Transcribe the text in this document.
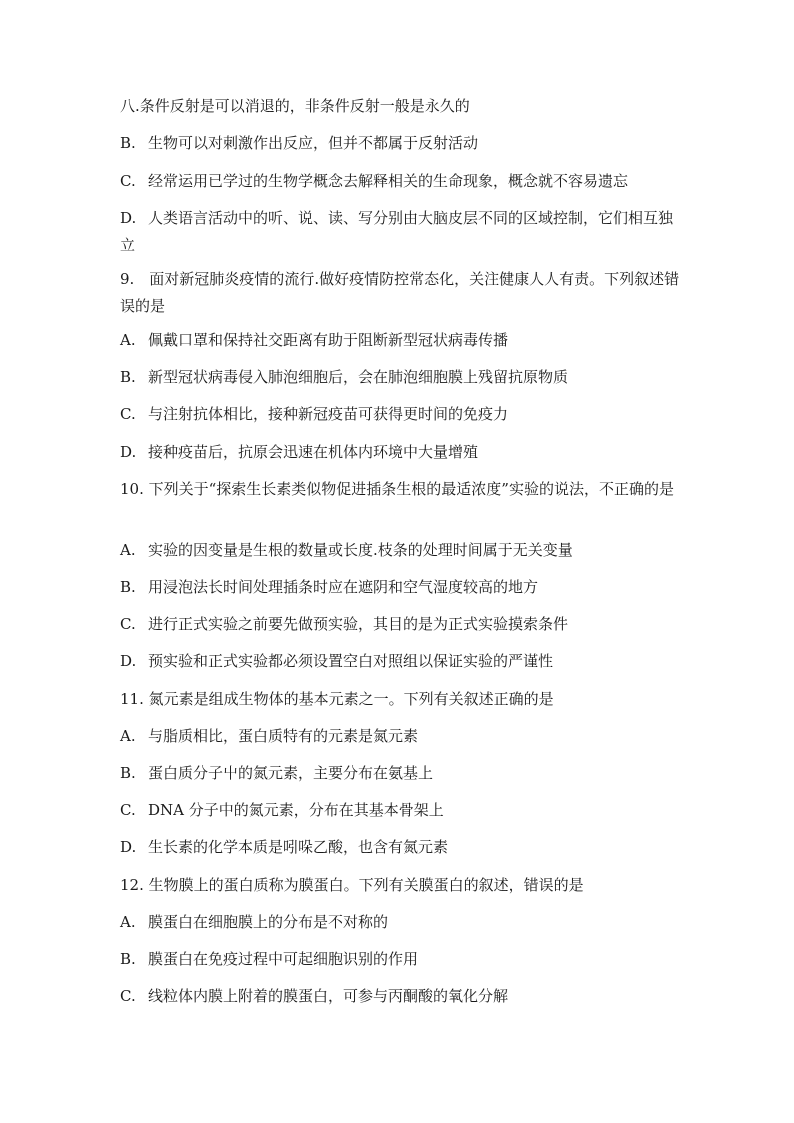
八.条件反射是可以消退的，非条件反射一般是永久的
B. 生物可以对刺激作出反应，但并不都属于反射活动
C. 经常运用已学过的生物学概念去解释相关的生命现象，概念就不容易遗忘
D. 人类语言活动中的听、说、读、写分别由大脑皮层不同的区域控制，它们相互独立
9.　面对新冠肺炎疫情的流行.做好疫情防控常态化，关注健康人人有责。下列叙述错误的是
A. 佩戴口罩和保持社交距离有助于阻断新型冠状病毒传播
B. 新型冠状病毒侵入肺泡细胞后，会在肺泡细胞膜上残留抗原物质
C. 与注射抗体相比，接种新冠疫苗可获得更时间的免疫力
D. 接种疫苗后，抗原会迅速在机体内环境中大量增殖
10. 下列关于“探索生长素类似物促进插条生根的最适浓度”实验的说法，不正确的是
A. 实验的因变量是生根的数量或长度.枝条的处理时间属于无关变量
B. 用浸泡法长时间处理插条时应在遮阴和空气湿度较高的地方
C. 进行正式实验之前要先做预实验，其目的是为正式实验摸索条件
D. 预实验和正式实验都必须设置空白对照组以保证实验的严谨性
11. 氮元素是组成生物体的基本元素之一。下列有关叙述正确的是
A. 与脂质相比，蛋白质特有的元素是氮元素
B. 蛋白质分子屮的氮元素，主要分布在氨基上
C. DNA 分子中的氮元素，分布在其基本骨架上
D. 生长素的化学本质是吲哚乙酸，也含有氮元素
12. 生物膜上的蛋白质称为膜蛋白。下列有关膜蛋白的叙述，错误的是
A. 膜蛋白在细胞膜上的分布是不对称的
B. 膜蛋白在免疫过程中可起细胞识别的作用
C. 线粒体内膜上附着的膜蛋白，可参与丙酮酸的氧化分解
